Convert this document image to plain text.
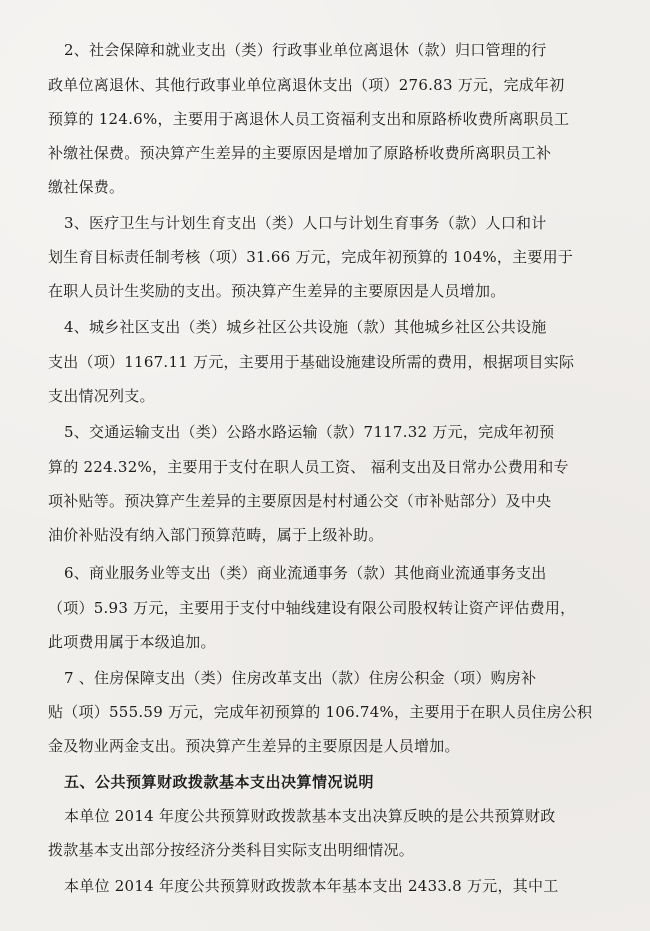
2、社会保障和就业支出（类）行政事业单位离退休（款）归口管理的行
政单位离退休、其他行政事业单位离退休支出（项）276.83 万元，完成年初
预算的 124.6%，主要用于离退休人员工资福利支出和原路桥收费所离职员工
补缴社保费。预决算产生差异的主要原因是增加了原路桥收费所离职员工补
缴社保费。
3、医疗卫生与计划生育支出（类）人口与计划生育事务（款）人口和计
划生育目标责任制考核（项）31.66 万元，完成年初预算的 104%，主要用于
在职人员计生奖励的支出。预决算产生差异的主要原因是人员增加。
4、城乡社区支出（类）城乡社区公共设施（款）其他城乡社区公共设施
支出（项）1167.11 万元，主要用于基础设施建设所需的费用，根据项目实际
支出情况列支。
5、交通运输支出（类）公路水路运输（款）7117.32 万元，完成年初预
算的 224.32%，主要用于支付在职人员工资、 福利支出及日常办公费用和专
项补贴等。预决算产生差异的主要原因是村村通公交（市补贴部分）及中央
油价补贴没有纳入部门预算范畴，属于上级补助。
6、商业服务业等支出（类）商业流通事务（款）其他商业流通事务支出
（项）5.93 万元，主要用于支付中轴线建设有限公司股权转让资产评估费用，
此项费用属于本级追加。
7 、住房保障支出（类）住房改革支出（款）住房公积金（项）购房补
贴（项）555.59 万元，完成年初预算的 106.74%，主要用于在职人员住房公积
金及物业两金支出。预决算产生差异的主要原因是人员增加。
五、公共预算财政拨款基本支出决算情况说明
本单位 2014 年度公共预算财政拨款基本支出决算反映的是公共预算财政
拨款基本支出部分按经济分类科目实际支出明细情况。
本单位 2014 年度公共预算财政拨款本年基本支出 2433.8 万元，其中工
